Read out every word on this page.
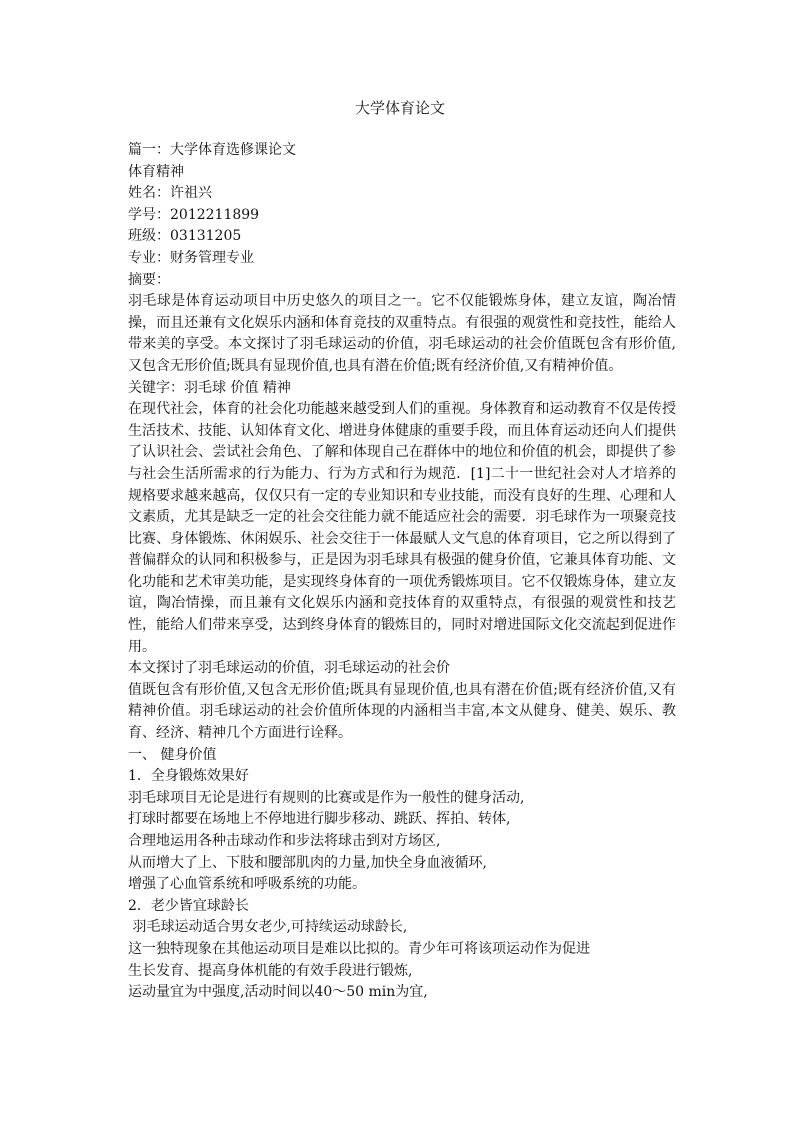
大学体育论文
篇一：大学体育选修课论文
体育精神
姓名：许祖兴
学号：2012211899
班级：03131205
专业：财务管理专业
摘要：
羽毛球是体育运动项目中历史悠久的项目之一。它不仅能锻炼身体，建立友谊，陶冶情操，而且还兼有文化娱乐内涵和体育竞技的双重特点。有很强的观赏性和竞技性，能给人带来美的享受。本文探讨了羽毛球运动的价值，羽毛球运动的社会价值既包含有形价值,又包含无形价值;既具有显现价值,也具有潜在价值;既有经济价值,又有精神价值。
关键字：羽毛球 价值 精神
在现代社会，体育的社会化功能越来越受到人们的重视。身体教育和运动教育不仅是传授生活技术、技能、认知体育文化、增进身体健康的重要手段，而且体育运动还向人们提供了认识社会、尝试社会角色、了解和体现自己在群体中的地位和价值的机会，即提供了参与社会生活所需求的行为能力、行为方式和行为规范．[1]二十一世纪社会对人才培养的规格要求越来越高，仅仅只有一定的专业知识和专业技能，而没有良好的生理、心理和人文素质，尤其是缺乏一定的社会交往能力就不能适应社会的需要．羽毛球作为一项聚竞技比赛、身体锻炼、休闲娱乐、社会交往于一体最赋人文气息的体育项目，它之所以得到了普偏群众的认同和积极参与，正是因为羽毛球具有极强的健身价值，它兼具体育功能、文化功能和艺术审美功能，是实现终身体育的一项优秀锻炼项目。它不仅锻炼身体，建立友谊，陶冶情操，而且兼有文化娱乐内涵和竞技体育的双重特点，有很强的观赏性和技艺性，能给人们带来享受，达到终身体育的锻炼目的，同时对增进国际文化交流起到促进作用。
本文探讨了羽毛球运动的价值，羽毛球运动的社会价
值既包含有形价值,又包含无形价值;既具有显现价值,也具有潜在价值;既有经济价值,又有精神价值。羽毛球运动的社会价值所体现的内涵相当丰富,本文从健身、健美、娱乐、教育、经济、精神几个方面进行诠释。
一、 健身价值
1．全身锻炼效果好
羽毛球项目无论是进行有规则的比赛或是作为一般性的健身活动,
打球时都要在场地上不停地进行脚步移动、跳跃、挥拍、转体,
合理地运用各种击球动作和步法将球击到对方场区,
从而增大了上、下肢和腰部肌肉的力量,加快全身血液循环,
增强了心血管系统和呼吸系统的功能。
2．老少皆宜球龄长
羽毛球运动适合男女老少,可持续运动球龄长,
这一独特现象在其他运动项目是难以比拟的。青少年可将该项运动作为促进
生长发育、提高身体机能的有效手段进行锻炼,
运动量宜为中强度,活动时间以40～50 min为宜,
